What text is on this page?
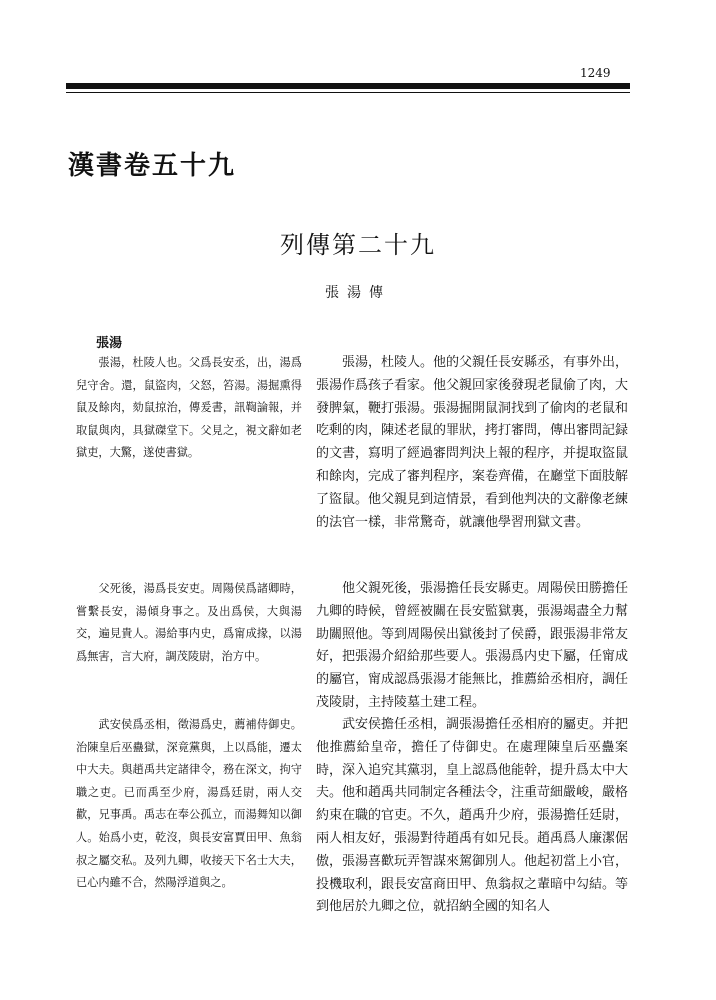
1249
漢書卷五十九
列傳第二十九
張湯傳
張湯
張湯，杜陵人也。父爲長安丞，出，湯爲兒守舍。還，鼠盜肉，父怒，笞湯。湯掘熏得鼠及餘肉，劾鼠掠治，傳爰書，訊鞫論報，并取鼠與肉，具獄磔堂下。父見之，視文辭如老獄吏，大驚，遂使書獄。
父死後，湯爲長安吏。周陽侯爲諸卿時，嘗繫長安，湯傾身事之。及出爲侯，大與湯交，遍見貴人。湯給事内史，爲甯成掾，以湯爲無害，言大府，調茂陵尉，治方中。
武安侯爲丞相，徵湯爲史，薦補侍御史。治陳皇后巫蠱獄，深竟黨與，上以爲能，遷太中大夫。與趙禹共定諸律令，務在深文，拘守職之吏。已而禹至少府，湯爲廷尉，兩人交歡，兄事禹。禹志在奉公孤立，而湯舞知以御人。始爲小吏，乾沒，與長安富賈田甲、魚翁叔之屬交私。及列九卿，收接天下名士大夫，已心内雖不合，然陽浮道與之。
張湯，杜陵人。他的父親任長安縣丞，有事外出，張湯作爲孩子看家。他父親回家後發現老鼠偷了肉，大發脾氣，鞭打張湯。張湯掘開鼠洞找到了偷肉的老鼠和吃剩的肉，陳述老鼠的罪狀，拷打審問，傳出審問記録的文書，寫明了經過審問判決上報的程序，并提取盜鼠和餘肉，完成了審判程序，案卷齊備，在廳堂下面肢解了盜鼠。他父親見到這情景，看到他判决的文辭像老練的法官一樣，非常驚奇，就讓他學習刑獄文書。
他父親死後，張湯擔任長安縣吏。周陽侯田勝擔任九卿的時候，曾經被關在長安監獄裏，張湯竭盡全力幫助關照他。等到周陽侯出獄後封了侯爵，跟張湯非常友好，把張湯介紹給那些要人。張湯爲内史下屬，任甯成的屬官，甯成認爲張湯才能無比，推薦給丞相府，調任茂陵尉，主持陵墓土建工程。
武安侯擔任丞相，調張湯擔任丞相府的屬吏。并把他推薦給皇帝，擔任了侍御史。在處理陳皇后巫蠱案時，深入追究其黨羽，皇上認爲他能幹，提升爲太中大夫。他和趙禹共同制定各種法令，注重苛細嚴峻，嚴格約束在職的官吏。不久，趙禹升少府，張湯擔任廷尉，兩人相友好，張湯對待趙禹有如兄長。趙禹爲人廉潔倨傲，張湯喜歡玩弄智謀來駕御別人。他起初當上小官，投機取利，跟長安富商田甲、魚翁叔之輩暗中勾結。等到他居於九卿之位，就招納全國的知名人
